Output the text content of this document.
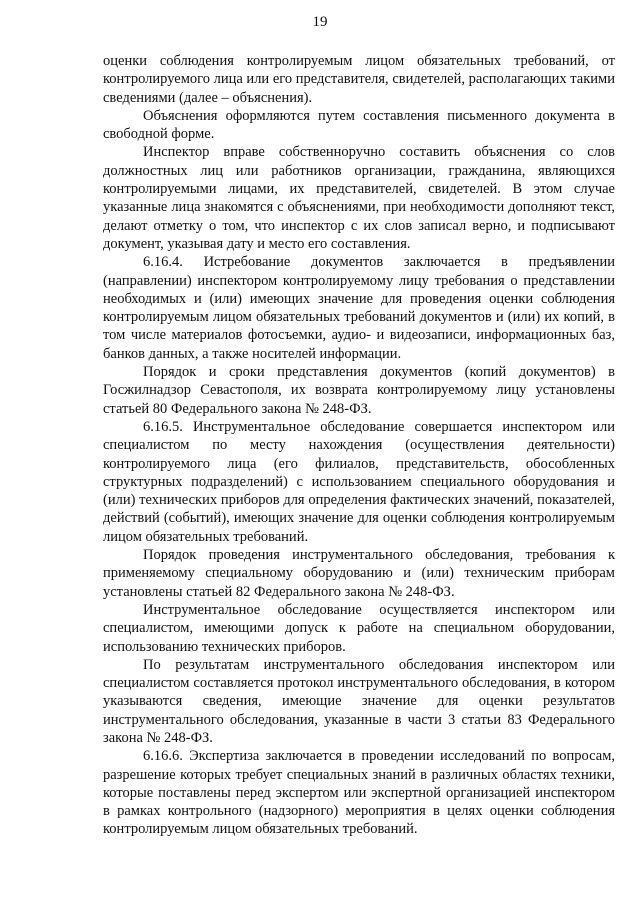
19

оценки соблюдения контролируемым лицом обязательных требований, от контролируемого лица или его представителя, свидетелей, располагающих такими сведениями (далее – объяснения).

Объяснения оформляются путем составления письменного документа в свободной форме.

Инспектор вправе собственноручно составить объяснения со слов должностных лиц или работников организации, гражданина, являющихся контролируемыми лицами, их представителей, свидетелей. В этом случае указанные лица знакомятся с объяснениями, при необходимости дополняют текст, делают отметку о том, что инспектор с их слов записал верно, и подписывают документ, указывая дату и место его составления.

6.16.4. Истребование документов заключается в предъявлении (направлении) инспектором контролируемому лицу требования о представлении необходимых и (или) имеющих значение для проведения оценки соблюдения контролируемым лицом обязательных требований документов и (или) их копий, в том числе материалов фотосъемки, аудио- и видеозаписи, информационных баз, банков данных, а также носителей информации.

Порядок и сроки представления документов (копий документов) в Госжилнадзор Севастополя, их возврата контролируемому лицу установлены статьей 80 Федерального закона № 248-ФЗ.

6.16.5. Инструментальное обследование совершается инспектором или специалистом по месту нахождения (осуществления деятельности) контролируемого лица (его филиалов, представительств, обособленных структурных подразделений) с использованием специального оборудования и (или) технических приборов для определения фактических значений, показателей, действий (событий), имеющих значение для оценки соблюдения контролируемым лицом обязательных требований.

Порядок проведения инструментального обследования, требования к применяемому специальному оборудованию и (или) техническим приборам установлены статьей 82 Федерального закона № 248-ФЗ.

Инструментальное обследование осуществляется инспектором или специалистом, имеющими допуск к работе на специальном оборудовании, использованию технических приборов.

По результатам инструментального обследования инспектором или специалистом составляется протокол инструментального обследования, в котором указываются сведения, имеющие значение для оценки результатов инструментального обследования, указанные в части 3 статьи 83 Федерального закона № 248-ФЗ.

6.16.6. Экспертиза заключается в проведении исследований по вопросам, разрешение которых требует специальных знаний в различных областях техники, которые поставлены перед экспертом или экспертной организацией инспектором в рамках контрольного (надзорного) мероприятия в целях оценки соблюдения контролируемым лицом обязательных требований.
